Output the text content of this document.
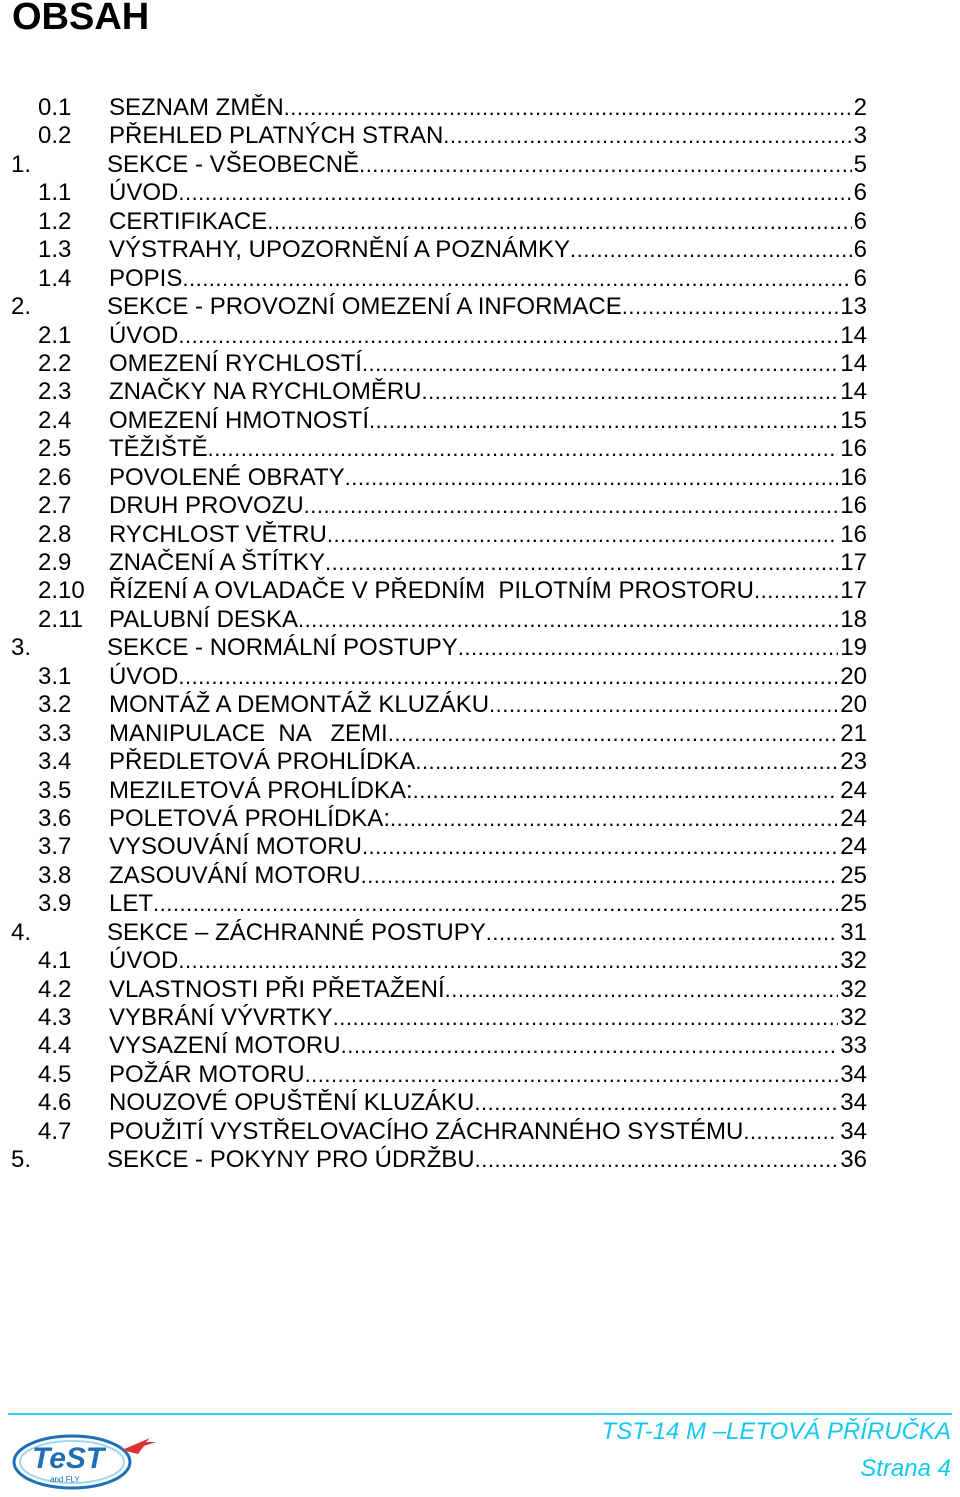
OBSAH
0.1 SEZNAM ZMĚN .....	2
0.2 PŘEHLED PLATNÝCH STRAN .....	3
1.	SEKCE - VŠEOBECNĚ .....	5
1.1 ÚVOD .....	6
1.2 CERTIFIKACE .....	6
1.3 VÝSTRAHY, UPOZORNĚNÍ A POZNÁMKY .....	6
1.4 POPIS .....	6
2.	SEKCE - PROVOZNÍ OMEZENÍ A INFORMACE .....	13
2.1 ÚVOD .....	14
2.2 OMEZENÍ RYCHLOSTÍ .....	14
2.3 ZNAČKY NA RYCHLOMĚRU .....	14
2.4 OMEZENÍ HMOTNOSTÍ .....	15
2.5 TĚŽIŠTĚ .....	16
2.6 POVOLENÉ OBRATY .....	16
2.7 DRUH PROVOZU .....	16
2.8 RYCHLOST VĚTRU .....	16
2.9 ZNAČENÍ A ŠTÍTKY .....	17
2.10 ŘÍZENÍ A OVLADAČE V PŘEDNÍM  PILOTNÍM PROSTORU .....	17
2.11 PALUBNÍ DESKA .....	18
3.	SEKCE - NORMÁLNÍ POSTUPY .....	19
3.1 ÚVOD .....	20
3.2 MONTÁŽ A DEMONTÁŽ KLUZÁKU .....	20
3.3 MANIPULACE  NA   ZEMI .....	21
3.4 PŘEDLETOVÁ PROHLÍDKA .....	23
3.5 MEZILETOVÁ PROHLÍDKA: .....	24
3.6 POLETOVÁ PROHLÍDKA: .....	24
3.7 VYSOUVÁNÍ MOTORU .....	24
3.8 ZASOUVÁNÍ MOTORU .....	25
3.9 LET .....	25
4.	SEKCE – ZÁCHRANNÉ POSTUPY .....	31
4.1 ÚVOD .....	32
4.2 VLASTNOSTI PŘI PŘETAŽENÍ .....	32
4.3 VYBRÁNÍ VÝVRTKY .....	32
4.4 VYSAZENÍ MOTORU .....	33
4.5 POŽÁR MOTORU .....	34
4.6 NOUZOVÉ OPUŠTĚNÍ KLUZÁKU .....	34
4.7 POUŽITÍ VYSTŘELOVACÍHO ZÁCHRANNÉHO SYSTÉMU .....	34
5.	SEKCE - POKYNY PRO ÚDRŽBU .....	36
TeST
and FLY
TST-14 M –LETOVÁ PŘÍRUČKA
Strana 4
